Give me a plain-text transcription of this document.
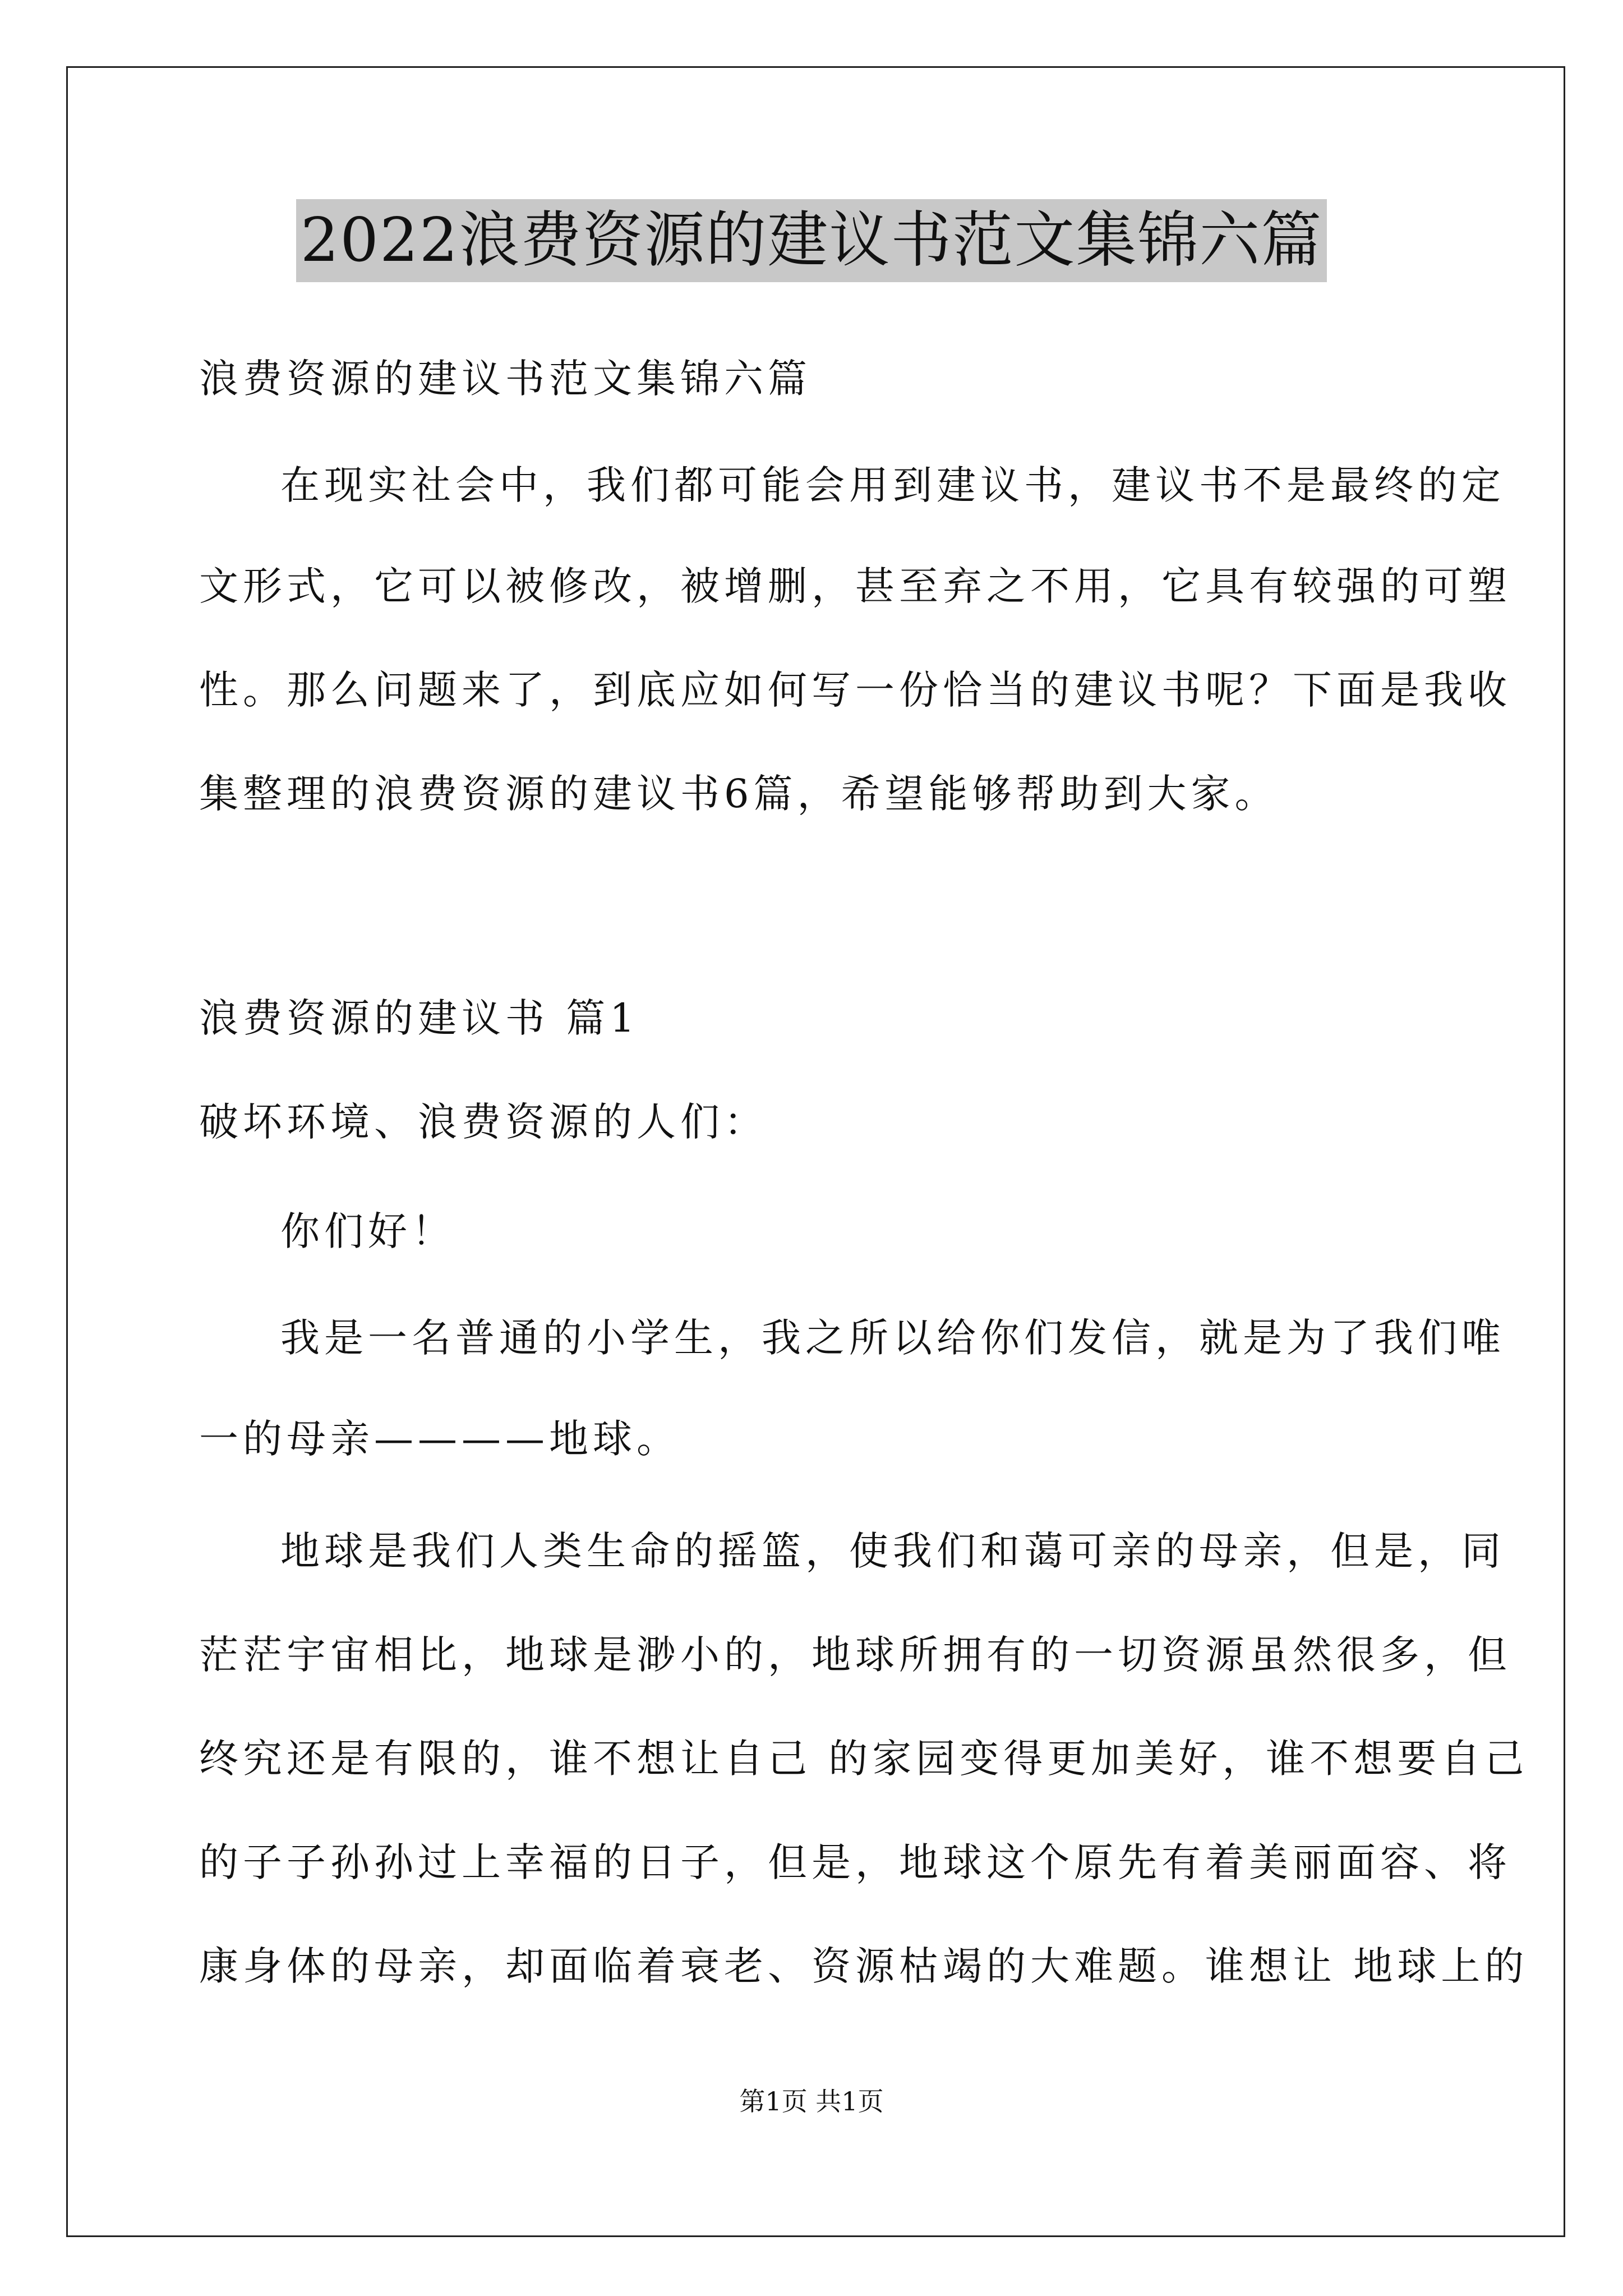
2022浪费资源的建议书范文集锦六篇
浪费资源的建议书范文集锦六篇
在现实社会中，我们都可能会用到建议书，建议书不是最终的定
文形式，它可以被修改，被增删，甚至弃之不用，它具有较强的可塑
性。那么问题来了，到底应如何写一份恰当的建议书呢？下面是我收
集整理的浪费资源的建议书6篇，希望能够帮助到大家。
浪费资源的建议书 篇1
破坏环境、浪费资源的人们：
你们好！
我是一名普通的小学生，我之所以给你们发信，就是为了我们唯
一的母亲————地球。
地球是我们人类生命的摇篮，使我们和蔼可亲的母亲，但是，同
茫茫宇宙相比，地球是渺小的，地球所拥有的一切资源虽然很多，但
终究还是有限的，谁不想让自己 的家园变得更加美好，谁不想要自己
的子子孙孙过上幸福的日子，但是，地球这个原先有着美丽面容、将
康身体的母亲，却面临着衰老、资源枯竭的大难题。谁想让 地球上的
第1页 共1页
